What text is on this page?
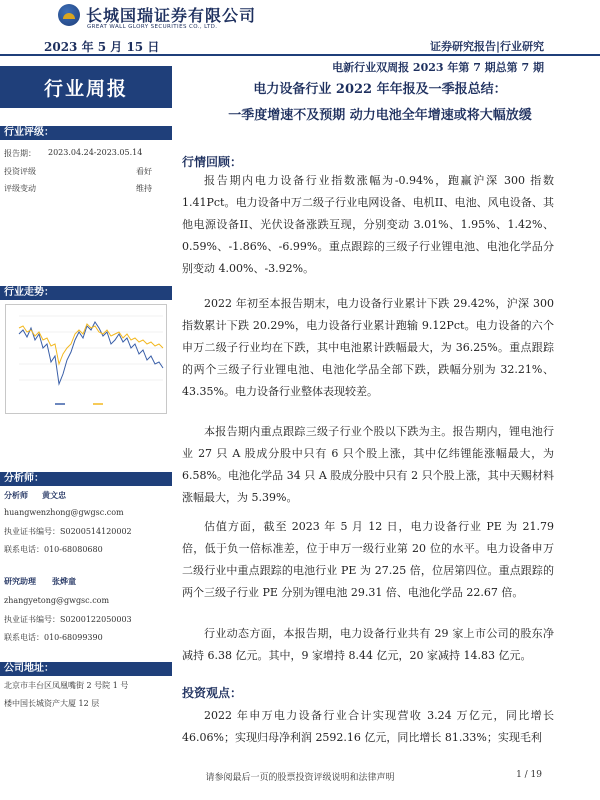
长城国瑞证券有限公司
GREAT WALL GLORY SECURITIES CO., LTD.
2023 年 5 月 15 日	证券研究报告|行业研究
电新行业双周报 2023 年第 7 期总第 7 期
行业周报
行业评级：
报告期： 2023.04.24-2023.05.14
投资评级	看好
评级变动	维持
行业走势：
分析师：
分析师 黄文忠
huangwenzhong@gwgsc.com
执业证书编号：S0200514120002
联系电话：010-68080680
研究助理 张烨童
zhangyetong@gwgsc.com
执业证书编号：S0200122050003
联系电话：010-68099390
公司地址：
北京市丰台区凤凰嘴街 2 号院 1 号
楼中国长城资产大厦 12 层
电力设备行业 2022 年年报及一季报总结：
一季度增速不及预期 动力电池全年增速或将大幅放缓
行情回顾：
报告期内电力设备行业指数涨幅为-0.94%，跑赢沪深 300 指数 1.41Pct。电力设备中万二级子行业电网设备、电机II、电池、风电设备、其他电源设备II、光伏设备涨跌互现，分别变动 3.01%、1.95%、1.42%、0.59%、-1.86%、-6.99%。重点跟踪的三级子行业锂电池、电池化学品分别变动 4.00%、-3.92%。
2022 年初至本报告期末，电力设备行业累计下跌 29.42%，沪深 300 指数累计下跌 20.29%，电力设备行业累计跑输 9.12Pct。电力设备的六个申万二级子行业均在下跌，其中电池累计跌幅最大，为 36.25%。重点跟踪的两个三级子行业锂电池、电池化学品全部下跌，跌幅分别为 32.21%、43.35%。电力设备行业整体表现较差。
本报告期内重点跟踪三级子行业个股以下跌为主。报告期内，锂电池行业 27 只 A 股成分股中只有 6 只个股上涨，其中亿纬锂能涨幅最大，为 6.58%。电池化学品 34 只 A 股成分股中只有 2 只个股上涨，其中天赐材料涨幅最大，为 5.39%。
估值方面，截至 2023 年 5 月 12 日，电力设备行业 PE 为 21.79 倍，低于负一倍标准差，位于申万一级行业第 20 位的水平。电力设备申万二级行业中重点跟踪的电池行业 PE 为 27.25 倍，位居第四位。重点跟踪的两个三级子行业 PE 分别为锂电池 29.31 倍、电池化学品 22.67 倍。
行业动态方面，本报告期，电力设备行业共有 29 家上市公司的股东净减持 6.38 亿元。其中，9 家增持 8.44 亿元，20 家减持 14.83 亿元。
投资观点：
2022 年申万电力设备行业合计实现营收 3.24 万亿元，同比增长 46.06%；实现归母净利润 2592.16 亿元，同比增长 81.33%；实现毛利
请参阅最后一页的股票投资评级说明和法律声明	1 / 19
